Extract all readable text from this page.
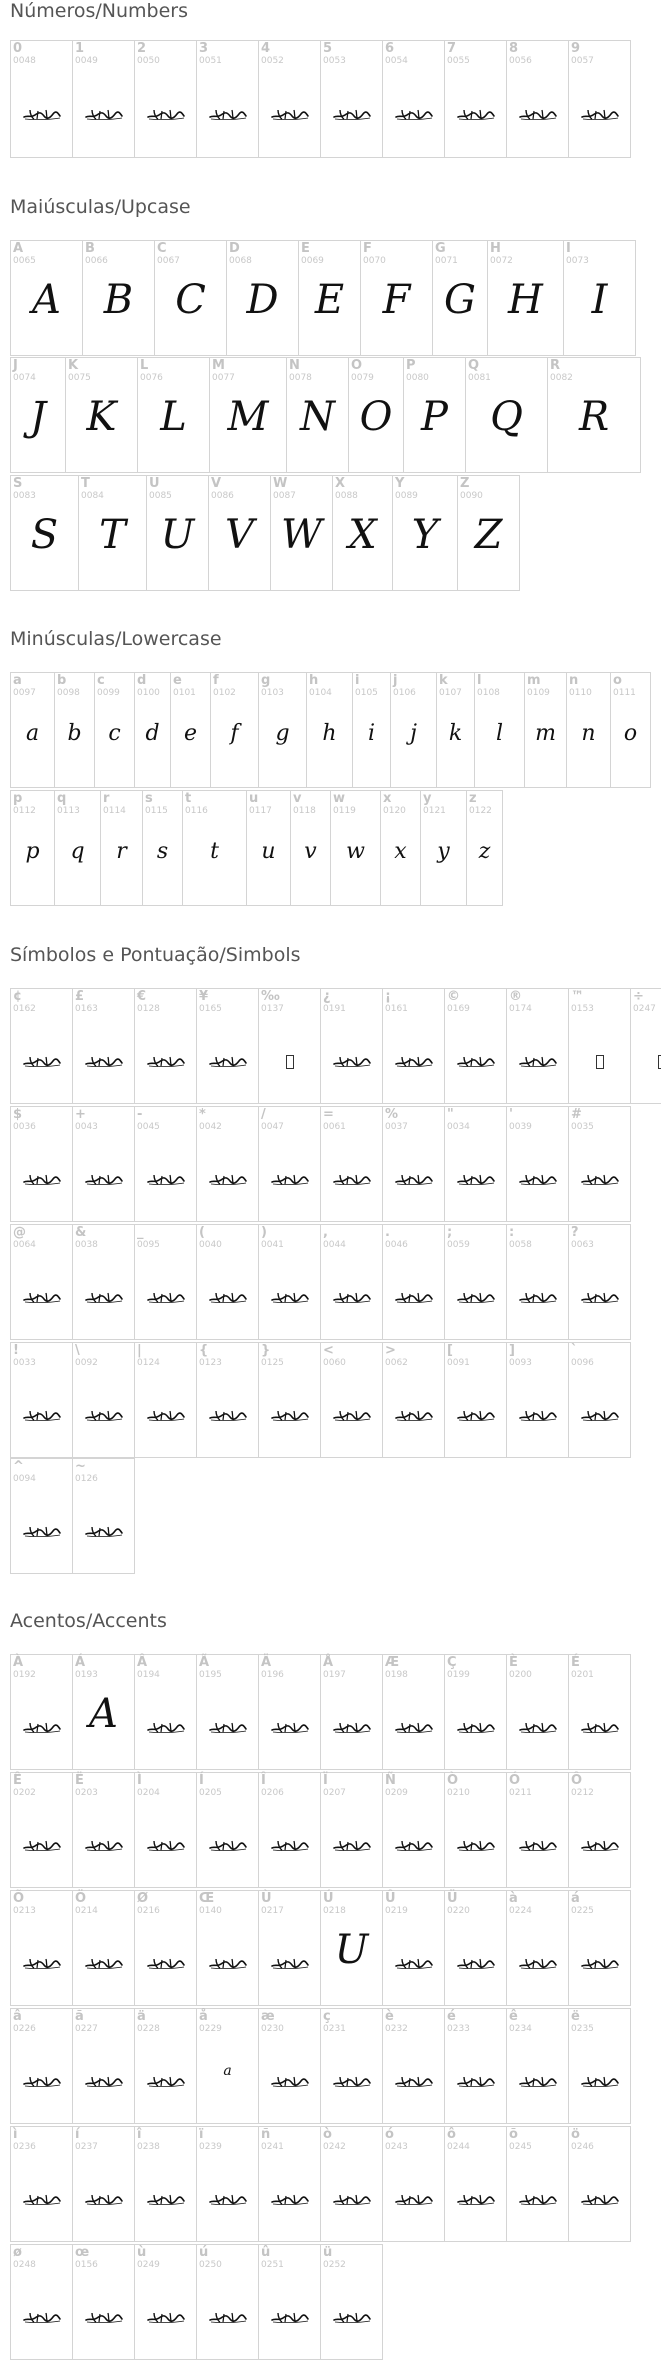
Números/Numbers
0
0048
1
0049
2
0050
3
0051
4
0052
5
0053
6
0054
7
0055
8
0056
9
0057
Maiúsculas/Upcase
A
0065
A
B
0066
B
C
0067
C
D
0068
D
E
0069
E
F
0070
F
G
0071
G
H
0072
H
I
0073
I
J
0074
J
K
0075
K
L
0076
L
M
0077
M
N
0078
N
O
0079
O
P
0080
P
Q
0081
Q
R
0082
R
S
0083
S
T
0084
T
U
0085
U
V
0086
V
W
0087
W
X
0088
X
Y
0089
Y
Z
0090
Z
Minúsculas/Lowercase
a
0097
a
b
0098
b
c
0099
c
d
0100
d
e
0101
e
f
0102
f
g
0103
g
h
0104
h
i
0105
i
j
0106
j
k
0107
k
l
0108
l
m
0109
m
n
0110
n
o
0111
o
p
0112
p
q
0113
q
r
0114
r
s
0115
s
t
0116
t
u
0117
u
v
0118
v
w
0119
w
x
0120
x
y
0121
y
z
0122
z
Símbolos e Pontuação/Simbols
¢
0162
£
0163
€
0128
¥
0165
‰
0137
¿
0191
¡
0161
©
0169
®
0174
™
0153
÷
0247
$
0036
+
0043
-
0045
*
0042
/
0047
=
0061
%
0037
"
0034
'
0039
#
0035
@
0064
&
0038
_
0095
(
0040
)
0041
,
0044
.
0046
;
0059
:
0058
?
0063
!
0033
\
0092
|
0124
{
0123
}
0125
<
0060
>
0062
[
0091
]
0093
`
0096
^
0094
~
0126
Acentos/Accents
À
0192
Á
0193
A
Â
0194
Ã
0195
Ä
0196
Å
0197
Æ
0198
Ç
0199
È
0200
É
0201
Ê
0202
Ë
0203
Ì
0204
Í
0205
Î
0206
Ï
0207
Ñ
0209
Ò
0210
Ó
0211
Ô
0212
Õ
0213
Ö
0214
Ø
0216
Œ
0140
Ù
0217
Ú
0218
U
Û
0219
Ü
0220
à
0224
á
0225
â
0226
ã
0227
ä
0228
å
0229
a
æ
0230
ç
0231
è
0232
é
0233
ê
0234
ë
0235
ì
0236
í
0237
î
0238
ï
0239
ñ
0241
ò
0242
ó
0243
ô
0244
õ
0245
ö
0246
ø
0248
œ
0156
ù
0249
ú
0250
û
0251
ü
0252
